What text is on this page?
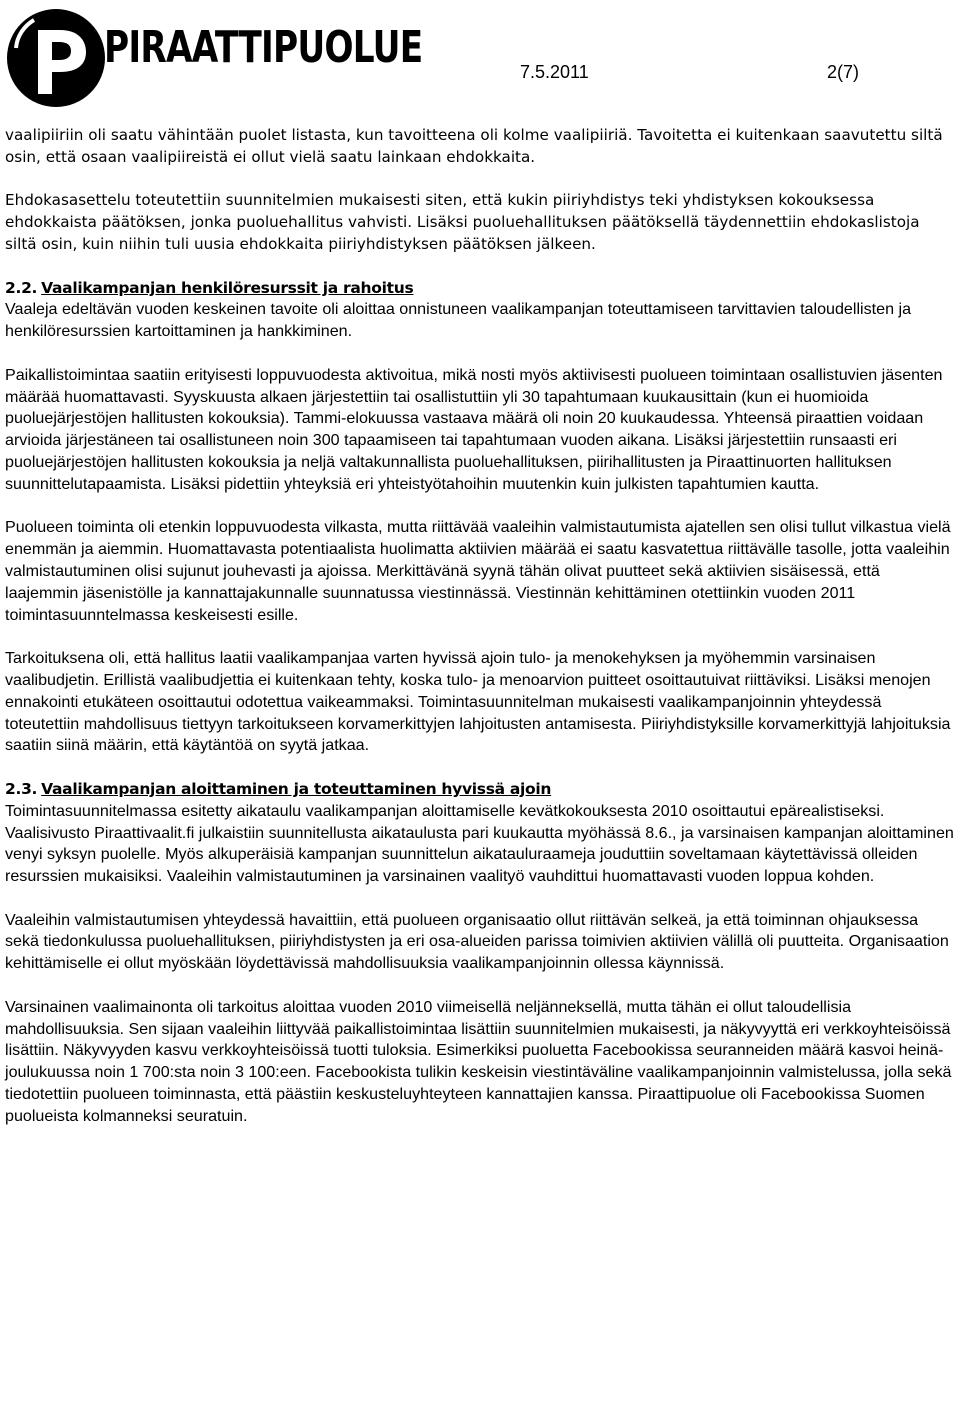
PIRAATTIPUOLUE	7.5.2011	2(7)

vaalipiiriin oli saatu vähintään puolet listasta, kun tavoitteena oli kolme vaalipiiriä. Tavoitetta ei kuitenkaan saavutettu siltä osin, että osaan vaalipiireistä ei ollut vielä saatu lainkaan ehdokkaita.

Ehdokasasettelu toteutettiin suunnitelmien mukaisesti siten, että kukin piiriyhdistys teki yhdistyksen kokouksessa ehdokkaista päätöksen, jonka puoluehallitus vahvisti. Lisäksi puoluehallituksen päätöksellä täydennettiin ehdokaslistoja siltä osin, kuin niihin tuli uusia ehdokkaita piiriyhdistyksen päätöksen jälkeen.

2.2. Vaalikampanjan henkilöresurssit ja rahoitus

Vaaleja edeltävän vuoden keskeinen tavoite oli aloittaa onnistuneen vaalikampanjan toteuttamiseen tarvittavien taloudellisten ja henkilöresurssien kartoittaminen ja hankkiminen.

Paikallistoimintaa saatiin erityisesti loppuvuodesta aktivoitua, mikä nosti myös aktiivisesti puolueen toimintaan osallistuvien jäsenten määrää huomattavasti. Syyskuusta alkaen järjestettiin tai osallistuttiin yli 30 tapahtumaan kuukausittain (kun ei huomioida puoluejärjestöjen hallitusten kokouksia). Tammi-elokuussa vastaava määrä oli noin 20 kuukaudessa. Yhteensä piraattien voidaan arvioida järjestäneen tai osallistuneen noin 300 tapaamiseen tai tapahtumaan vuoden aikana. Lisäksi järjestettiin runsaasti eri puoluejärjestöjen hallitusten kokouksia ja neljä valtakunnallista puoluehallituksen, piirihallitusten ja Piraattinuorten hallituksen suunnittelutapaamista. Lisäksi pidettiin yhteyksiä eri yhteistyötahoihin muutenkin kuin julkisten tapahtumien kautta.

Puolueen toiminta oli etenkin loppuvuodesta vilkasta, mutta riittävää vaaleihin valmistautumista ajatellen sen olisi tullut vilkastua vielä enemmän ja aiemmin. Huomattavasta potentiaalista huolimatta aktiivien määrää ei saatu kasvatettua riittävälle tasolle, jotta vaaleihin valmistautuminen olisi sujunut jouhevasti ja ajoissa. Merkittävänä syynä tähän olivat puutteet sekä aktiivien sisäisessä, että laajemmin jäsenistölle ja kannattajakunnalle suunnatussa viestinnässä. Viestinnän kehittäminen otettiinkin vuoden 2011 toimintasuunntelmassa keskeisesti esille.

Tarkoituksena oli, että hallitus laatii vaalikampanjaa varten hyvissä ajoin tulo- ja menokehyksen ja myöhemmin varsinaisen vaalibudjetin. Erillistä vaalibudjettia ei kuitenkaan tehty, koska tulo- ja menoarvion puitteet osoittautuivat riittäviksi. Lisäksi menojen ennakointi etukäteen osoittautui odotettua vaikeammaksi. Toimintasuunnitelman mukaisesti vaalikampanjoinnin yhteydessä toteutettiin mahdollisuus tiettyyn tarkoitukseen korvamerkittyjen lahjoitusten antamisesta. Piiriyhdistyksille korvamerkittyjä lahjoituksia saatiin siinä määrin, että käytäntöä on syytä jatkaa.

2.3. Vaalikampanjan aloittaminen ja toteuttaminen hyvissä ajoin

Toimintasuunnitelmassa esitetty aikataulu vaalikampanjan aloittamiselle kevätkokouksesta 2010 osoittautui epärealistiseksi. Vaalisivusto Piraattivaalit.fi julkaistiin suunnitellusta aikataulusta pari kuukautta myöhässä 8.6., ja varsinaisen kampanjan aloittaminen venyi syksyn puolelle. Myös alkuperäisiä kampanjan suunnittelun aikatauluraameja jouduttiin soveltamaan käytettävissä olleiden resurssien mukaisiksi. Vaaleihin valmistautuminen ja varsinainen vaalityö vauhdittui huomattavasti vuoden loppua kohden.

Vaaleihin valmistautumisen yhteydessä havaittiin, että puolueen organisaatio ollut riittävän selkeä, ja että toiminnan ohjauksessa sekä tiedonkulussa puoluehallituksen, piiriyhdistysten ja eri osa-alueiden parissa toimivien aktiivien välillä oli puutteita. Organisaation kehittämiselle ei ollut myöskään löydettävissä mahdollisuuksia vaalikampanjoinnin ollessa käynnissä.

Varsinainen vaalimainonta oli tarkoitus aloittaa vuoden 2010 viimeisellä neljänneksellä, mutta tähän ei ollut taloudellisia mahdollisuuksia. Sen sijaan vaaleihin liittyvää paikallistoimintaa lisättiin suunnitelmien mukaisesti, ja näkyvyyttä eri verkkoyhteisöissä lisättiin. Näkyvyyden kasvu verkkoyhteisöissä tuotti tuloksia. Esimerkiksi puoluetta Facebookissa seuranneiden määrä kasvoi heinä-joulukuussa noin 1 700:sta noin 3 100:een. Facebookista tulikin keskeisin viestintäväline vaalikampanjoinnin valmistelussa, jolla sekä tiedotettiin puolueen toiminnasta, että päästiin keskusteluyhteyteen kannattajien kanssa. Piraattipuolue oli Facebookissa Suomen puolueista kolmanneksi seuratuin.
